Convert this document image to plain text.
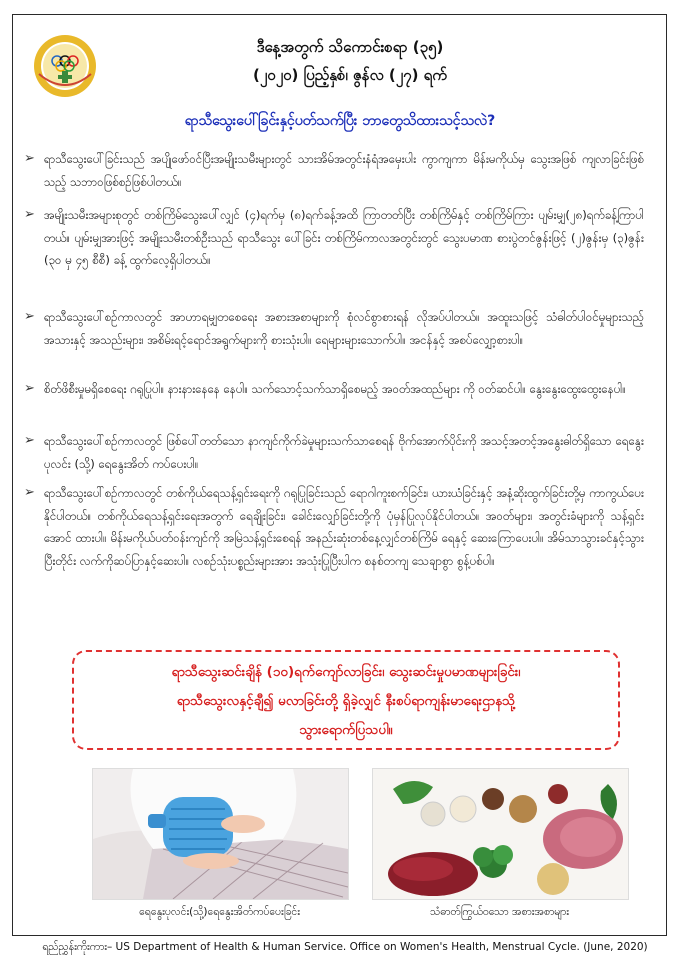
ဒီနေ့အတွက် သိကောင်းစရာ (၃၅)
(၂၀၂၀) ပြည့်နှစ်၊ ဇွန်လ (၂၇) ရက်
ရာသီသွေးပေါ်ခြင်းနှင့်ပတ်သက်ပြီး ဘာတွေသိထားသင့်သလဲ?
➢ ရာသီသွေးပေါ်ခြင်းသည် အပျိုဖော်ဝင်ပြီးအမျိုးသမီးများတွင် သားအိမ်အတွင်းနံရံအမှေးပါး ကွာကျကာ မိန်းမကိုယ်မှ သွေးအဖြစ် ကျလာခြင်းဖြစ်သည့် သဘာဝဖြစ်စဉ်ဖြစ်ပါတယ်။
➢ အမျိုးသမီးအများစုတွင် တစ်ကြိမ်သွေးပေါ်လျှင် (၄)ရက်မှ (၈)ရက်ခန့်အထိ ကြာတတ်ပြီး တစ်ကြိမ်နှင့် တစ်ကြိမ်ကြား ပျမ်းမျှ(၂၈)ရက်ခန့်ကြာပါတယ်။ ပျမ်းမျှအားဖြင့် အမျိုးသမီးတစ်ဦးသည် ရာသီသွေး ပေါ်ခြင်း တစ်ကြိမ်ကာလအတွင်းတွင် သွေးပမာဏ စားပွဲတင်ဇွန်းဖြင့် (၂)ဇွန်းမှ (၃)ဇွန်း (၃၀ မှ ၄၅ စီစီ) ခန့် ထွက်လေ့ရှိပါတယ်။
➢ ရာသီသွေးပေါ်စဉ်ကာလတွင် အာဟာရမျှတစေရေး အစားအစာများကို စုံလင်စွာစားရန် လိုအပ်ပါတယ်။ အထူးသဖြင့် သံဓါတ်ပါဝင်မှုများသည့် အသားနှင့် အသည်းများ၊ အစိမ်းရင့်ရောင်အရွက်များကို စားသုံးပါ။ ရေများများသောက်ပါ။ အငန်နှင့် အစပ်လျှော့စားပါ။
➢ စိတ်ဖိစီးမှုမရှိစေရေး ဂရုပြုပါ။ နားနားနေနေ နေပါ။ သက်သောင့်သက်သာရှိစေမည့် အဝတ်အထည်များ ကို ဝတ်ဆင်ပါ။ နွေးနွေးထွေးထွေးနေပါ။
➢ ရာသီသွေးပေါ်စဉ်ကာလတွင် ဖြစ်ပေါ်တတ်သော နာကျင်ကိုက်ခဲမှုများသက်သာစေရန် ဗိုက်အောက်ပိုင်းကို အသင့်အတင့်အနွေးဓါတ်ရှိသော ရေနွေးပုလင်း (သို့) ရေနွေးအိတ် ကပ်ပေးပါ။
➢ ရာသီသွေးပေါ်စဉ်ကာလတွင် တစ်ကိုယ်ရေသန့်ရှင်းရေးကို ဂရုပြုခြင်းသည် ရောဂါကူးစက်ခြင်း၊ ယားယံခြင်းနှင့် အနံ့ဆိုးထွက်ခြင်းတို့မှ ကာကွယ်ပေးနိုင်ပါတယ်။ တစ်ကိုယ်ရေသန့်ရှင်းရေးအတွက် ရေချိုးခြင်း၊ ခေါင်းလျှော်ခြင်းတို့ကို ပုံမှန်ပြုလုပ်နိုင်ပါတယ်။ အဝတ်များ၊ အတွင်းခံများကို သန့်ရှင်းအောင် ထားပါ။ မိန်းမကိုယ်ပတ်ဝန်းကျင်ကို အမြဲသန့်ရှင်းစေရန် အနည်းဆုံးတစ်နေ့လျှင်တစ်ကြိမ် ရေနှင့် ဆေးကြောပေးပါ။ အိမ်သာသွားခင်နှင့်သွားပြီးတိုင်း လက်ကိုဆပ်ပြာနှင့်ဆေးပါ။ လစဉ်သုံးပစ္စည်းများအား အသုံးပြုပြီးပါက စနစ်တကျ သေချာစွာ စွန့်ပစ်ပါ။
ရာသီသွေးဆင်းချိန် (၁၀)ရက်ကျော်လာခြင်း၊ သွေးဆင်းမှုပမာဏများခြင်း၊
ရာသီသွေးလနှင့်ချီ၍ မလာခြင်းတို့ ရှိခဲ့လျှင် နီးစပ်ရာကျန်းမာရေးဌာနသို့
သွားရောက်ပြသပါ။
ရေနွေးပုလင်း(သို့)ရေနွေးအိတ်ကပ်ပေးခြင်း	သံဓာတ်ကြွယ်ဝသော အစားအစာများ
ရည်ညွှန်းကိုးကား– US Department of Health & Human Service. Office on Women's Health, Menstrual Cycle. (June, 2020)
